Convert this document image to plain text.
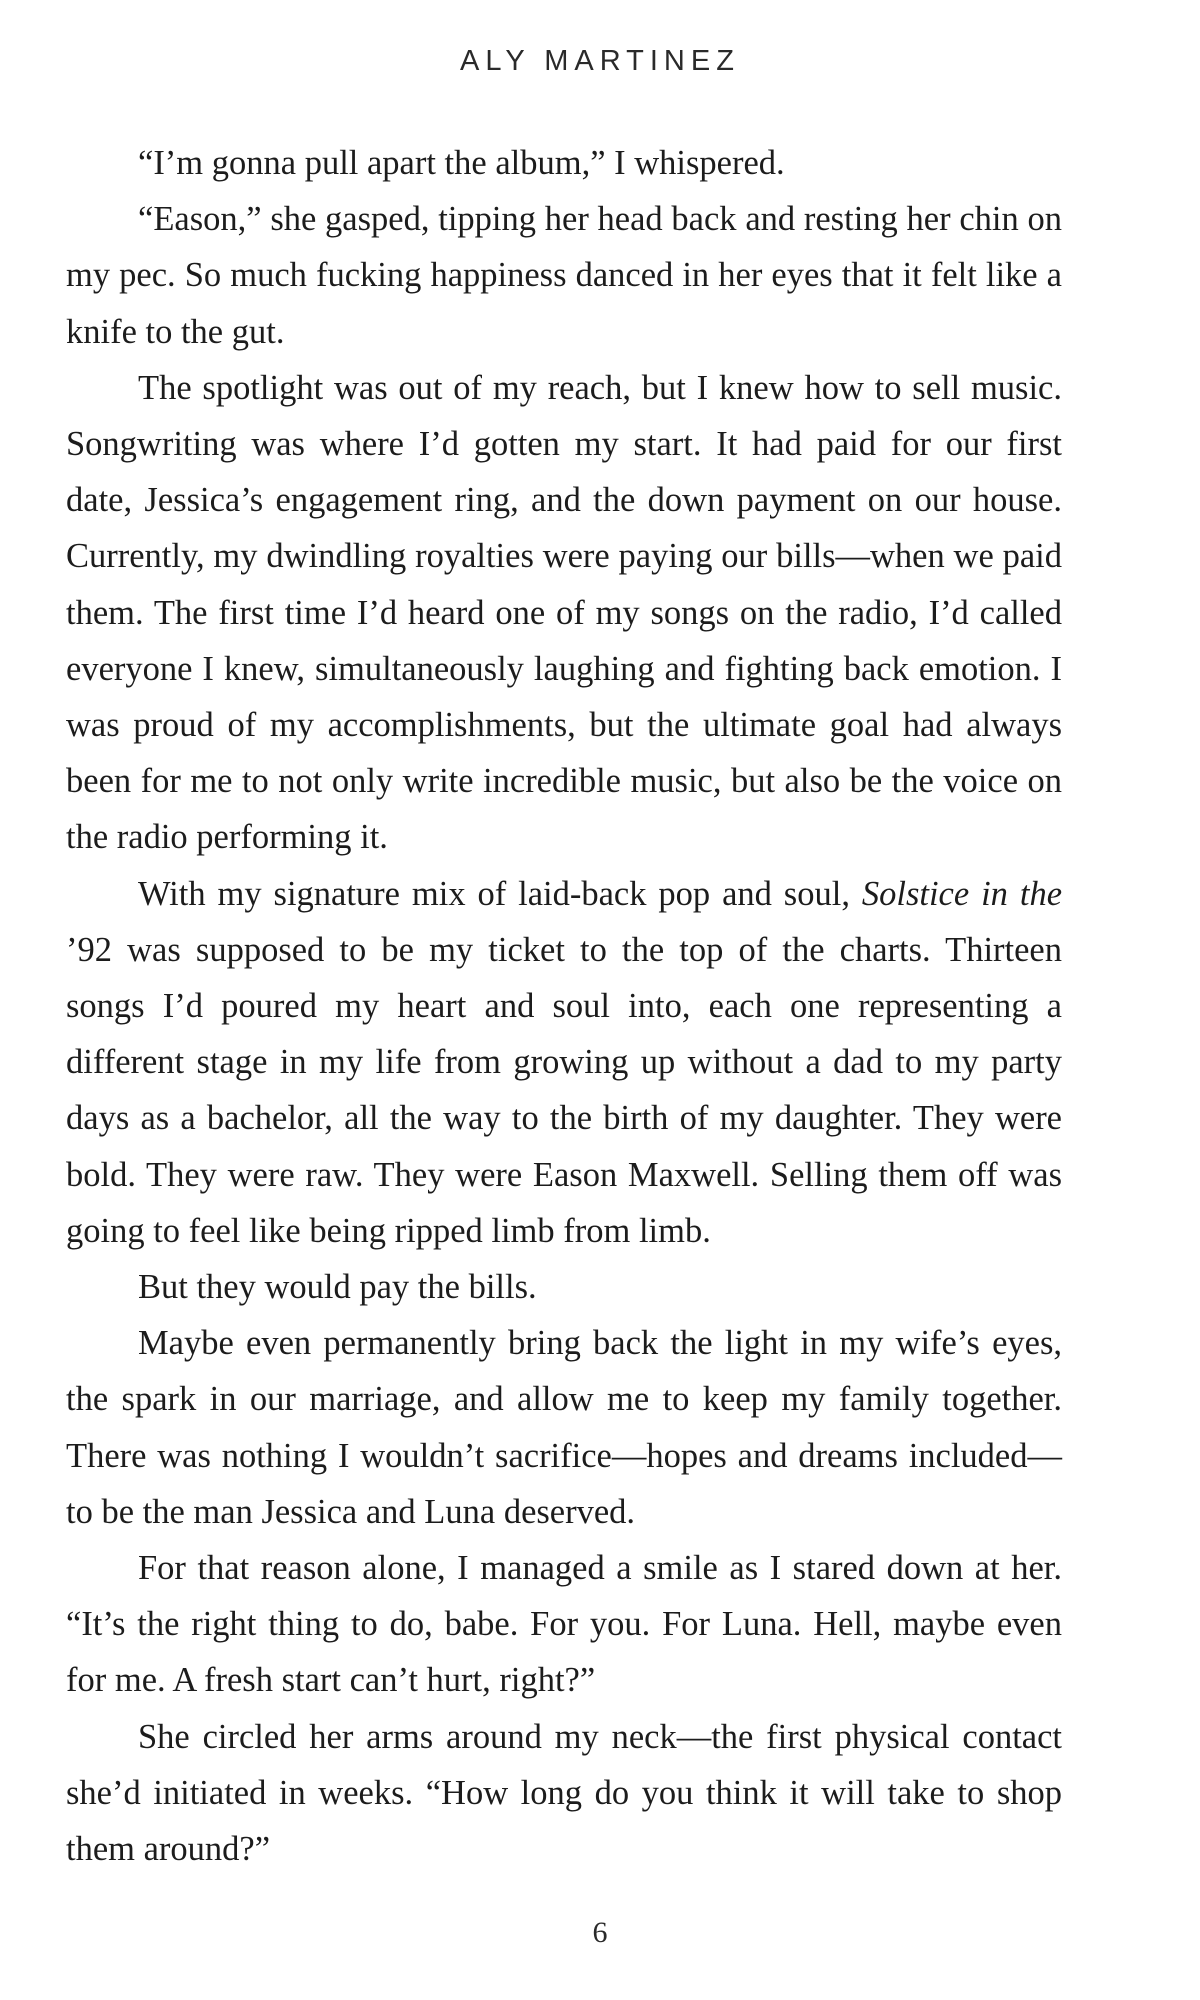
ALY MARTINEZ

“I’m gonna pull apart the album,” I whispered.

“Eason,” she gasped, tipping her head back and resting her chin on my pec. So much fucking happiness danced in her eyes that it felt like a knife to the gut.

The spotlight was out of my reach, but I knew how to sell music. Songwriting was where I’d gotten my start. It had paid for our first date, Jessica’s engagement ring, and the down payment on our house. Currently, my dwindling royalties were paying our bills—when we paid them. The first time I’d heard one of my songs on the radio, I’d called everyone I knew, simultaneously laughing and fighting back emotion. I was proud of my accomplishments, but the ultimate goal had always been for me to not only write incredible music, but also be the voice on the radio performing it.

With my signature mix of laid-back pop and soul, Solstice in the ’92 was supposed to be my ticket to the top of the charts. Thirteen songs I’d poured my heart and soul into, each one representing a different stage in my life from growing up without a dad to my party days as a bachelor, all the way to the birth of my daughter. They were bold. They were raw. They were Eason Maxwell. Selling them off was going to feel like being ripped limb from limb.

But they would pay the bills.

Maybe even permanently bring back the light in my wife’s eyes, the spark in our marriage, and allow me to keep my family together. There was nothing I wouldn’t sacrifice—hopes and dreams included—to be the man Jessica and Luna deserved.

For that reason alone, I managed a smile as I stared down at her. “It’s the right thing to do, babe. For you. For Luna. Hell, maybe even for me. A fresh start can’t hurt, right?”

She circled her arms around my neck—the first physical contact she’d initiated in weeks. “How long do you think it will take to shop them around?”

6
